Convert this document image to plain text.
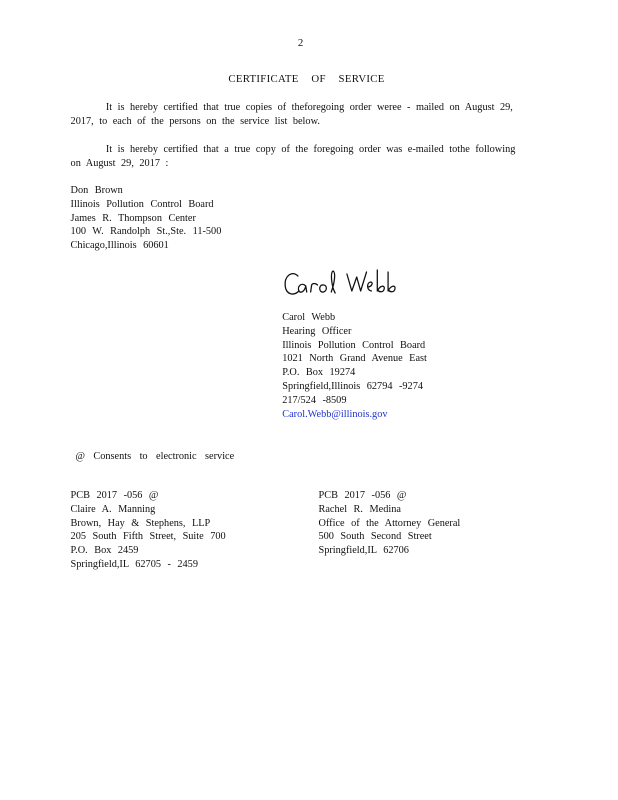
2
CERTIFICATE OF SERVICE
It is hereby certified that true copies of theforegoing order weree - mailed on August 29, 2017, to each of the persons on the service list below.
It is hereby certified that a true copy of the foregoing order was e-mailed tothe following on August 29, 2017 :
Don Brown
Illinois Pollution Control Board
James R. Thompson Center
100 W. Randolph St.,Ste. 11-500
Chicago,Illinois 60601
Carol Webb
Hearing Officer
Illinois Pollution Control Board
1021 North Grand Avenue East
P.O. Box 19274
Springfield,Illinois 62794 -9274
217/524 -8509
Carol.Webb@illinois.gov
@ Consents to electronic service
PCB 2017 -056 @
Claire A. Manning
Brown, Hay & Stephens, LLP
205 South Fifth Street, Suite 700
P.O. Box 2459
Springfield,IL 62705 - 2459
PCB 2017 -056 @
Rachel R. Medina
Office of the Attorney General
500 South Second Street
Springfield,IL 62706
